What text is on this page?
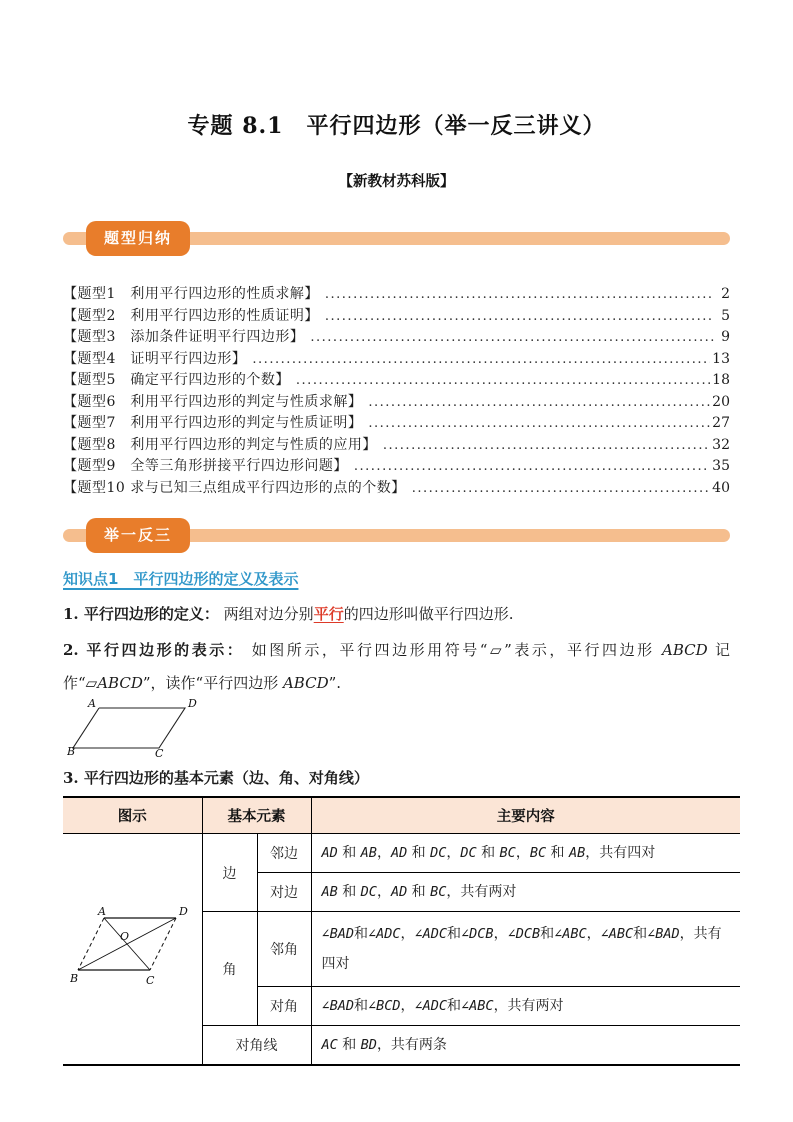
专题 8.1　平行四边形（举一反三讲义）
【新教材苏科版】
题型归纳
【题型1　利用平行四边形的性质求解】 .....	2
【题型2　利用平行四边形的性质证明】 .....	5
【题型3　添加条件证明平行四边形】 .....	9
【题型4　证明平行四边形】 .....	13
【题型5　确定平行四边形的个数】 .....	18
【题型6　利用平行四边形的判定与性质求解】 .....	20
【题型7　利用平行四边形的判定与性质证明】 .....	27
【题型8　利用平行四边形的判定与性质的应用】 .....	32
【题型9　全等三角形拼接平行四边形问题】 .....	35
【题型10 求与已知三点组成平行四边形的点的个数】 .....	40
举一反三
知识点1　平行四边形的定义及表示

1. 平行四边形的定义： 两组对边分别平行的四边形叫做平行四边形.

2. 平行四边形的表示： 如图所示，平行四边形用符号“▱”表示，平行四边形 ABCD 记作“▱ABCD”，读作“平行四边形 ABCD”.

A	D
B	C

3. 平行四边形的基本元素（边、角、对角线）

图示	基本元素		主要内容

A D
B C
O	边	邻边	AD 和 AB，AD 和 DC，DC 和 BC，BC 和 AB，共有四对
		对边	AB 和 DC，AD 和 BC，共有两对
	角	邻角	∠BAD和∠ADC，∠ADC和∠DCB，∠DCB和∠ABC，∠ABC和∠BAD，共有四对
		对角	∠BAD和∠BCD，∠ADC和∠ABC，共有两对
	对角线		AC 和 BD，共有两条
